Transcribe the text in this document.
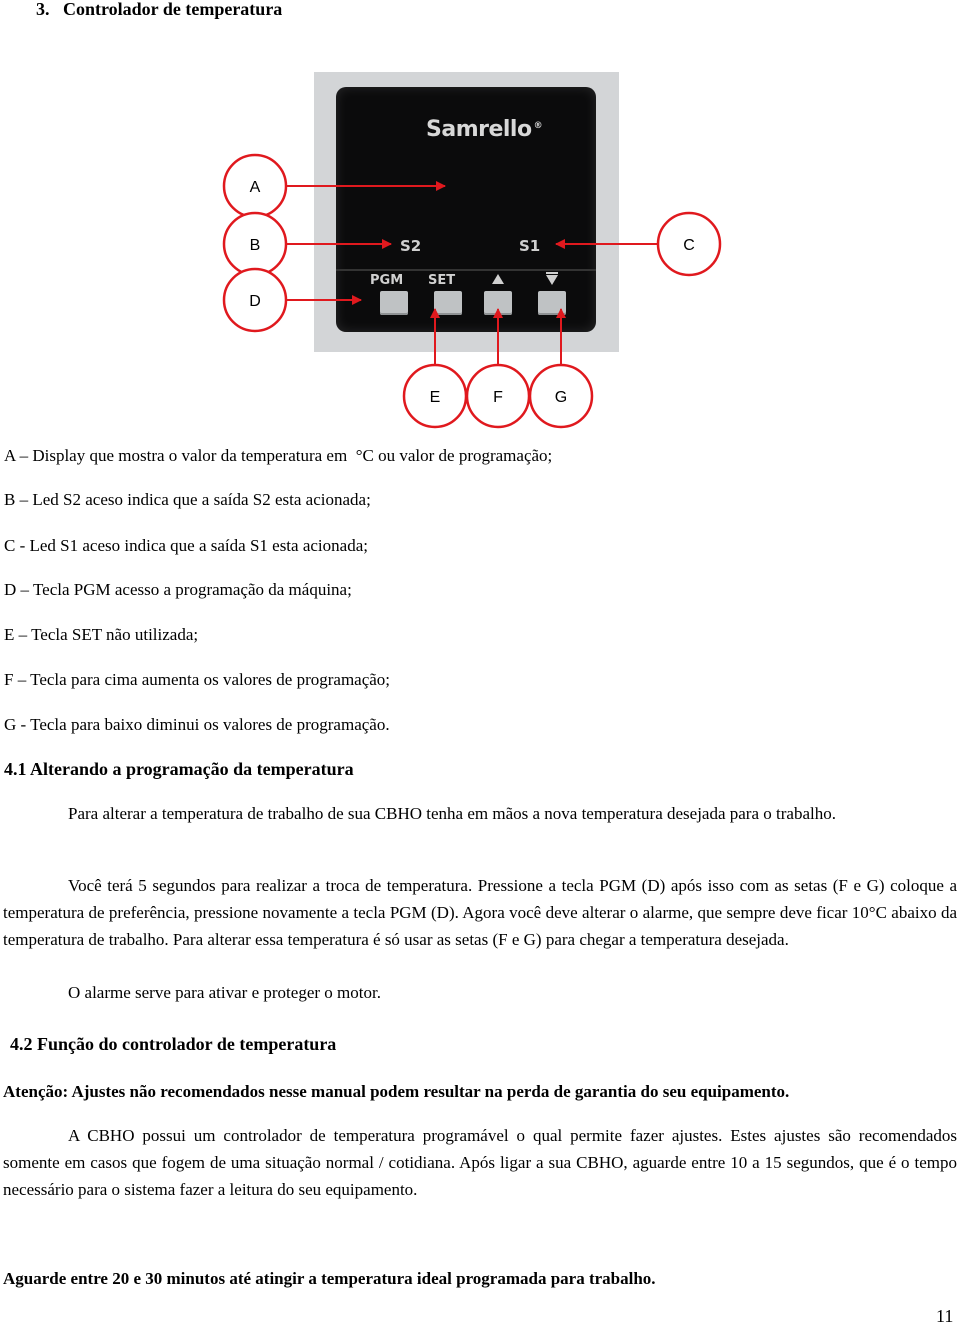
3.   Controlador de temperatura
Samrello ®
S2	S1
PGM SET
A
B	C
D
E	F	G
A – Display que mostra o valor da temperatura em  °C ou valor de programação;
B – Led S2 aceso indica que a saída S2 esta acionada;
C - Led S1 aceso indica que a saída S1 esta acionada;
D – Tecla PGM acesso a programação da máquina;
E – Tecla SET não utilizada;
F – Tecla para cima aumenta os valores de programação;
G - Tecla para baixo diminui os valores de programação.
4.1 Alterando a programação da temperatura
Para alterar a temperatura de trabalho de sua CBHO tenha em mãos a nova temperatura desejada para o trabalho.
Você terá 5 segundos para realizar a troca de temperatura. Pressione a tecla PGM (D) após isso com as setas (F e G) coloque a temperatura de preferência, pressione novamente a tecla PGM (D). Agora você deve alterar o alarme, que sempre deve ficar 10°C abaixo da temperatura de trabalho. Para alterar essa temperatura é só usar as setas (F e G) para chegar a temperatura desejada.
O alarme serve para ativar e proteger o motor.
4.2 Função do controlador de temperatura
Atenção: Ajustes não recomendados nesse manual podem resultar na perda de garantia do seu equipamento.
A CBHO possui um controlador de temperatura programável o qual permite fazer ajustes. Estes ajustes são recomendados somente em casos que fogem de uma situação normal / cotidiana. Após ligar a sua CBHO, aguarde entre 10 a 15 segundos, que é o tempo necessário para o sistema fazer a leitura do seu equipamento.
Aguarde entre 20 e 30 minutos até atingir a temperatura ideal programada para trabalho.
11
